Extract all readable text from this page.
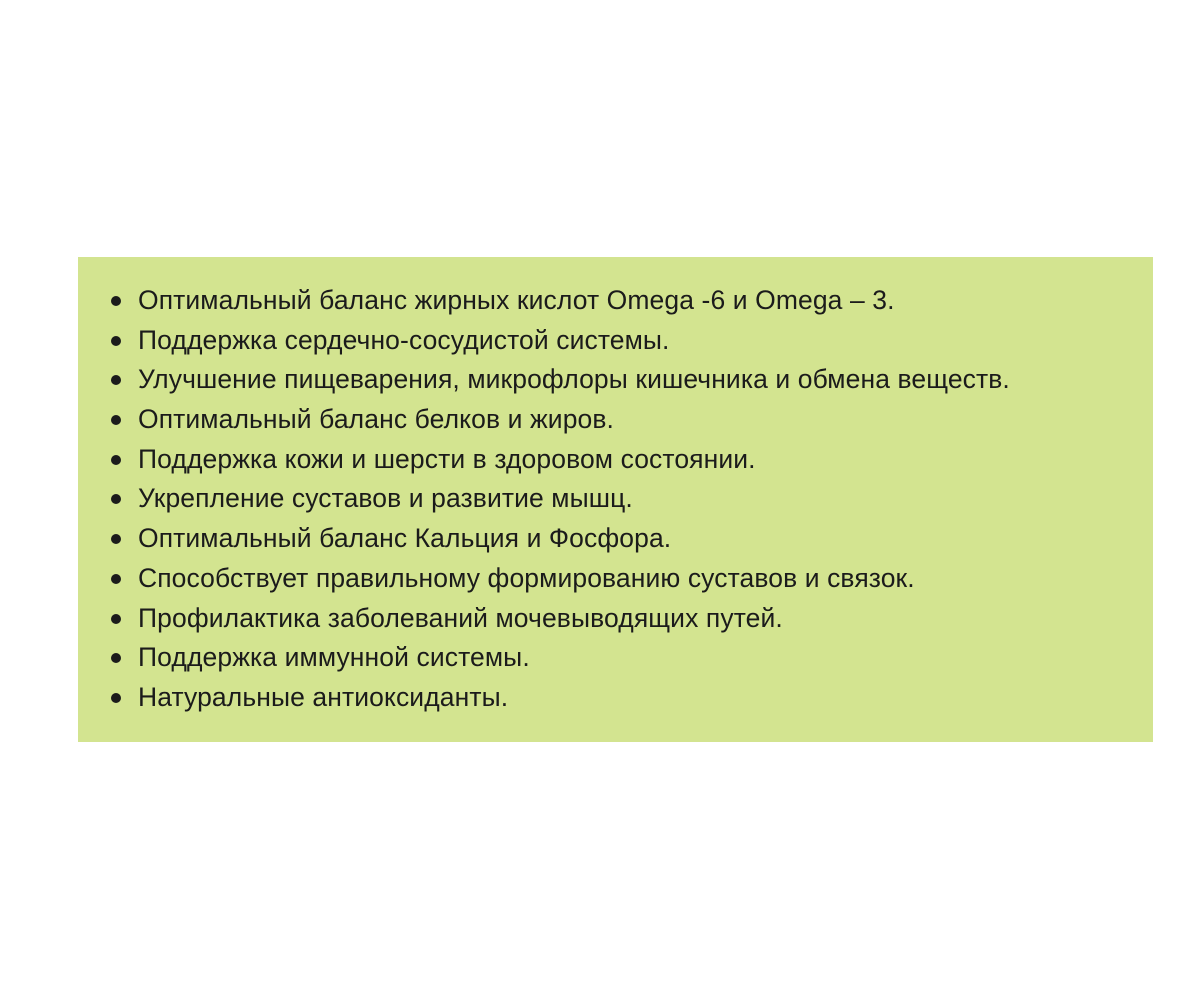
Оптимальный баланс жирных кислот Omega -6 и Omega – 3.
Поддержка сердечно-сосудистой системы.
Улучшение пищеварения, микрофлоры кишечника и обмена веществ.
Оптимальный баланс белков и жиров.
Поддержка кожи и шерсти в здоровом состоянии.
Укрепление суставов и развитие мышц.
Оптимальный баланс Кальция и Фосфора.
Способствует правильному формированию суставов и связок.
Профилактика заболеваний мочевыводящих путей.
Поддержка иммунной системы.
Натуральные антиоксиданты.
